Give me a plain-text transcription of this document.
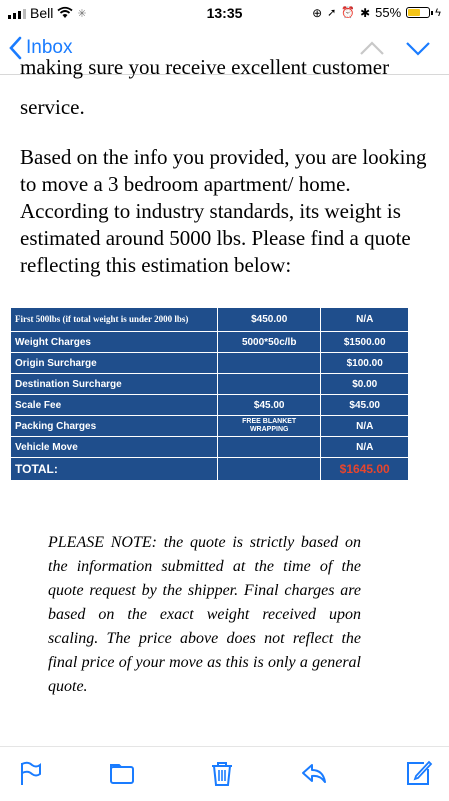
Bell ✳	13:35	⊕ ➚ ⏰ ✱ 55%	ϟ
Inbox
making sure you receive excellent customer
service.
Based on the info you provided, you are looking to move a 3 bedroom apartment/ home. According to industry standards, its weight is estimated around 5000 lbs. Please find a quote reflecting this estimation below:
First 500lbs (if total weight is under 2000 lbs)	$450.00	N/A
Weight Charges	5000*50c/lb	$1500.00
Origin Surcharge		$100.00
Destination Surcharge		$0.00
Scale Fee	$45.00	$45.00
Packing Charges	FREE BLANKET WRAPPING	N/A
Vehicle Move		N/A
TOTAL:		$1645.00
PLEASE NOTE: the quote is strictly based on the information submitted at the time of the quote request by the shipper. Final charges are based on the exact weight received upon scaling. The price above does not reflect the final price of your move as this is only a general quote.
